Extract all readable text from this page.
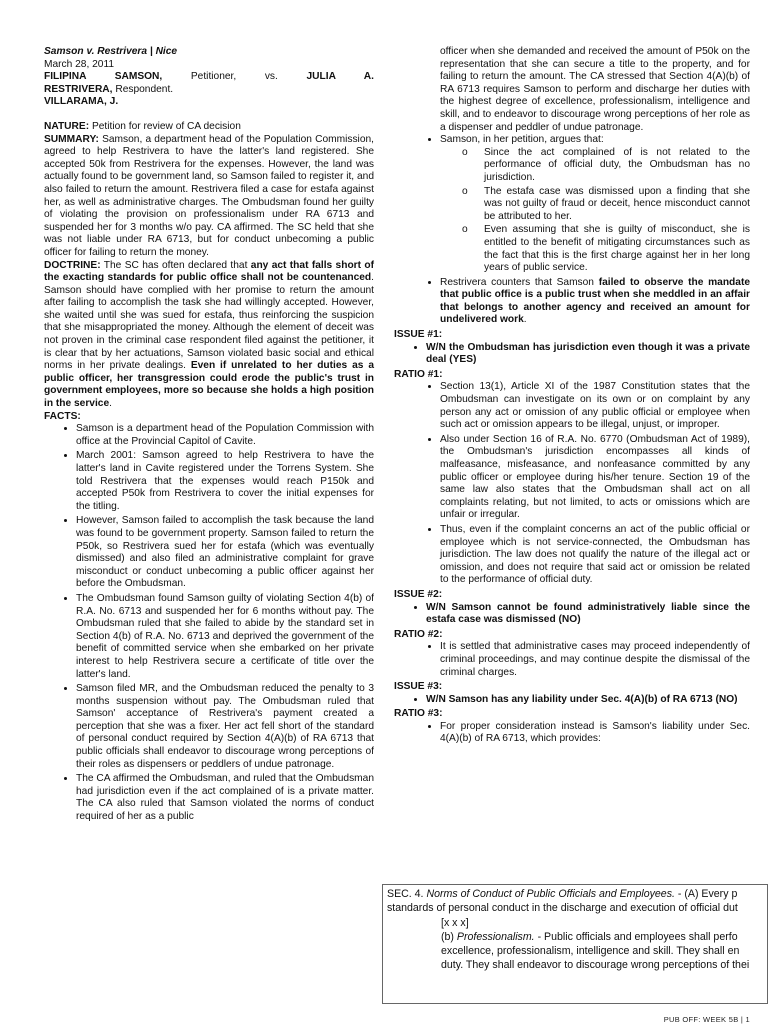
Samson v. Restrivera | Nice

March 28, 2011

FILIPINA SAMSON,	Petitioner, vs.	JULIA A.

RESTRIVERA, Respondent.

VILLARAMA, J.

NATURE: Petition for review of CA decision

SUMMARY: Samson, a department head of the Population Commission, agreed to help Restrivera to have the latter's land registered. She accepted 50k from Restrivera for the expenses. However, the land was actually found to be government land, so Samson failed to register it, and also failed to return the amount. Restrivera filed a case for estafa against her, as well as administrative charges. The Ombudsman found her guilty of violating the provision on professionalism under RA 6713 and suspended her for 3 months w/o pay. CA affirmed. The SC held that she was not liable under RA 6713, but for conduct unbecoming a public officer for failing to return the money.

DOCTRINE: The SC has often declared that any act that falls short of the exacting standards for public office shall not be countenanced. Samson should have complied with her promise to return the amount after failing to accomplish the task she had willingly accepted. However, she waited until she was sued for estafa, thus reinforcing the suspicion that she misappropriated the money. Although the element of deceit was not proven in the criminal case respondent filed against the petitioner, it is clear that by her actuations, Samson violated basic social and ethical norms in her private dealings. Even if unrelated to her duties as a public officer, her transgression could erode the public's trust in government employees, more so because she holds a high position in the service.

FACTS:

• Samson is a department head of the Population Commission with office at the Provincial Capitol of Cavite.
• March 2001: Samson agreed to help Restrivera to have the latter's land in Cavite registered under the Torrens System. She told Restrivera that the expenses would reach P150k and accepted P50k from Restrivera to cover the initial expenses for the titling.
• However, Samson failed to accomplish the task because the land was found to be government property. Samson failed to return the P50k, so Restrivera sued her for estafa (which was eventually dismissed) and also filed an administrative complaint for grave misconduct or conduct unbecoming a public officer against her before the Ombudsman.
• The Ombudsman found Samson guilty of violating Section 4(b) of R.A. No. 6713 and suspended her for 6 months without pay. The Ombudsman ruled that she failed to abide by the standard set in Section 4(b) of R.A. No. 6713 and deprived the government of the benefit of committed service when she embarked on her private interest to help Restrivera secure a certificate of title over the latter's land.
• Samson filed MR, and the Ombudsman reduced the penalty to 3 months suspension without pay. The Ombudsman ruled that Samson' acceptance of Restrivera's payment created a perception that she was a fixer. Her act fell short of the standard of personal conduct required by Section 4(A)(b) of RA 6713 that public officials shall endeavor to discourage wrong perceptions of their roles as dispensers or peddlers of undue patronage.
• The CA affirmed the Ombudsman, and ruled that the Ombudsman had jurisdiction even if the act complained of is a private matter. The CA also ruled that Samson violated the norms of conduct required of her as a public

officer when she demanded and received the amount of P50k on the representation that she can secure a title to the property, and for failing to return the amount. The CA stressed that Section 4(A)(b) of RA 6713 requires Samson to perform and discharge her duties with the highest degree of excellence, professionalism, intelligence and skill, and to endeavor to discourage wrong perceptions of her role as a dispenser and peddler of undue patronage.

• Samson, in her petition, argues that:
o Since the act complained of is not related to the performance of official duty, the Ombudsman has no jurisdiction.
o The estafa case was dismissed upon a finding that she was not guilty of fraud or deceit, hence misconduct cannot be attributed to her.
o Even assuming that she is guilty of misconduct, she is entitled to the benefit of mitigating circumstances such as the fact that this is the first charge against her in her long years of public service.
• Restrivera counters that Samson failed to observe the mandate that public office is a public trust when she meddled in an affair that belongs to another agency and received an amount for undelivered work.

ISSUE #1:

• W/N the Ombudsman has jurisdiction even though it was a private deal (YES)

RATIO #1:

• Section 13(1), Article XI of the 1987 Constitution states that the Ombudsman can investigate on its own or on complaint by any person any act or omission of any public official or employee when such act or omission appears to be illegal, unjust, or improper.
• Also under Section 16 of R.A. No. 6770 (Ombudsman Act of 1989), the Ombudsman's jurisdiction encompasses all kinds of malfeasance, misfeasance, and nonfeasance committed by any public officer or employee during his/her tenure. Section 19 of the same law also states that the Ombudsman shall act on all complaints relating, but not limited, to acts or omissions which are unfair or irregular.
• Thus, even if the complaint concerns an act of the public official or employee which is not service-connected, the Ombudsman has jurisdiction. The law does not qualify the nature of the illegal act or omission, and does not require that said act or omission be related to the performance of official duty.

ISSUE #2:

• W/N Samson cannot be found administratively liable since the estafa case was dismissed (NO)

RATIO #2:

• It is settled that administrative cases may proceed independently of criminal proceedings, and may continue despite the dismissal of the criminal charges.

ISSUE #3:

• W/N Samson has any liability under Sec. 4(A)(b) of RA 6713 (NO)

RATIO #3:

• For proper consideration instead is Samson's liability under Sec. 4(A)(b) of RA 6713, which provides:
SEC. 4. Norms of Conduct of Public Officials and Employees. - (A) Every p
standards of personal conduct in the discharge and execution of official dut
[x x x]
(b) Professionalism. - Public officials and employees shall perfo
excellence, professionalism, intelligence and skill. They shall en
duty. They shall endeavor to discourage wrong perceptions of thei
PUB OFF: WEEK 5B | 1
